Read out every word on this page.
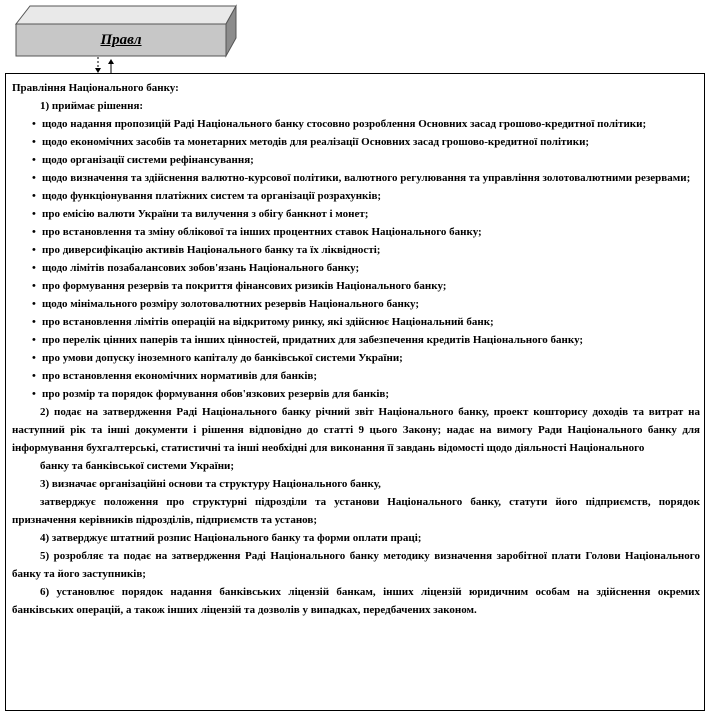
Правл

Правління Національного банку:

1) приймає рішення:

• щодо надання пропозицій Раді Національного банку стосовно розроблення Основних засад грошово-кредитної політики;

• щодо економічних засобів та монетарних методів для реалізації Основних засад грошово-кредитної політики;

• щодо організації системи рефінансування;

• щодо визначення та здійснення валютно-курсової політики, валютного регулювання та управління золотовалютними резервами;

• щодо функціонування платіжних систем та організації розрахунків;

• про емісію валюти України та вилучення з обігу банкнот і монет;

• про встановлення та зміну облікової та інших процентних ставок Національного банку;

• про диверсифікацію активів Національного банку та їх ліквідності;

• щодо лімітів позабалансових зобов'язань Національного банку;

• про формування резервів та покриття фінансових ризиків Національного банку;

• щодо мінімального розміру золотовалютних резервів Національного банку;

• про встановлення лімітів операцій на відкритому ринку, які здійснює Національний банк;

• про перелік цінних паперів та інших цінностей, придатних для забезпечення кредитів Національного банку;

• про умови допуску іноземного капіталу до банківської системи України;

• про встановлення економічних нормативів для банків;

• про розмір та порядок формування обов'язкових резервів для банків;

2) подає на затвердження Раді Національного банку річний звіт Національного банку, проект кошторису доходів та витрат на наступний рік та інші документи і рішення відповідно до статті 9 цього Закону; надає на вимогу Ради Національного банку для інформування бухгалтерські, статистичні та інші необхідні для виконання її завдань відомості щодо діяльності Національного

банку та банківської системи України;

3) визначає організаційні основи та структуру Національного банку,

затверджує положення про структурні підрозділи та установи Національного банку, статути його підприємств, порядок призначення керівників підрозділів, підприємств та установ;

4) затверджує штатний розпис Національного банку та форми оплати праці;

5) розробляє та подає на затвердження Раді Національного банку методику визначення заробітної плати Голови Національного банку та його заступників;

6) установлює порядок надання банківських ліцензій банкам, інших ліцензій юридичним особам на здійснення окремих банківських операцій, а також інших ліцензій та дозволів у випадках, передбачених законом.
